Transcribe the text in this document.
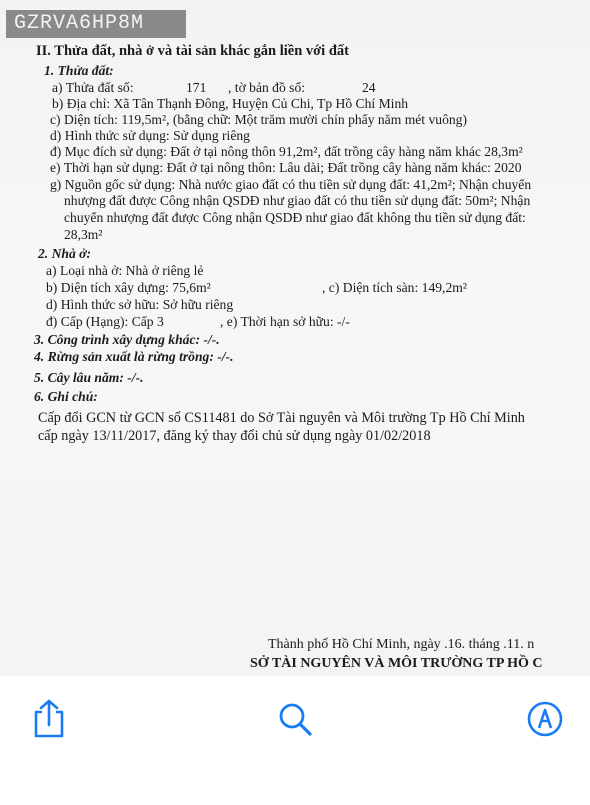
GZRVA6HP8M
II. Thửa đất, nhà ở và tài sản khác gắn liền với đất
1. Thửa đất:
a) Thửa đất số:	171 , tờ bản đồ số:	24
b) Địa chỉ: Xã Tân Thạnh Đông, Huyện Củ Chi, Tp Hồ Chí Minh
c) Diện tích: 119,5m², (bằng chữ: Một trăm mười chín phẩy năm mét vuông)
d) Hình thức sử dụng: Sử dụng riêng
đ) Mục đích sử dụng: Đất ở tại nông thôn 91,2m², đất trồng cây hàng năm khác 28,3m²
e) Thời hạn sử dụng: Đất ở tại nông thôn: Lâu dài; Đất trồng cây hàng năm khác: 2020
g) Nguồn gốc sử dụng: Nhà nước giao đất có thu tiền sử dụng đất: 41,2m²; Nhận chuyển
nhượng đất được Công nhận QSDĐ như giao đất có thu tiền sử dụng đất: 50m²; Nhận
chuyển nhượng đất được Công nhận QSDĐ như giao đất không thu tiền sử dụng đất:
28,3m²
2. Nhà ở:
a) Loại nhà ở: Nhà ở riêng lẻ
b) Diện tích xây dựng: 75,6m²	, c) Diện tích sàn: 149,2m²
d) Hình thức sở hữu: Sở hữu riêng
đ) Cấp (Hạng): Cấp 3	, e) Thời hạn sở hữu: -/-
3. Công trình xây dựng khác: -/-.
4. Rừng sản xuất là rừng trồng: -/-.
5. Cây lâu năm: -/-.
6. Ghi chú:
Cấp đổi GCN từ GCN số CS11481 do Sở Tài nguyên và Môi trường Tp Hồ Chí Minh
cấp ngày 13/11/2017, đăng ký thay đổi chủ sử dụng ngày 01/02/2018
Thành phố Hồ Chí Minh, ngày .16. tháng .11. n
SỞ TÀI NGUYÊN VÀ MÔI TRƯỜNG TP HỒ C
